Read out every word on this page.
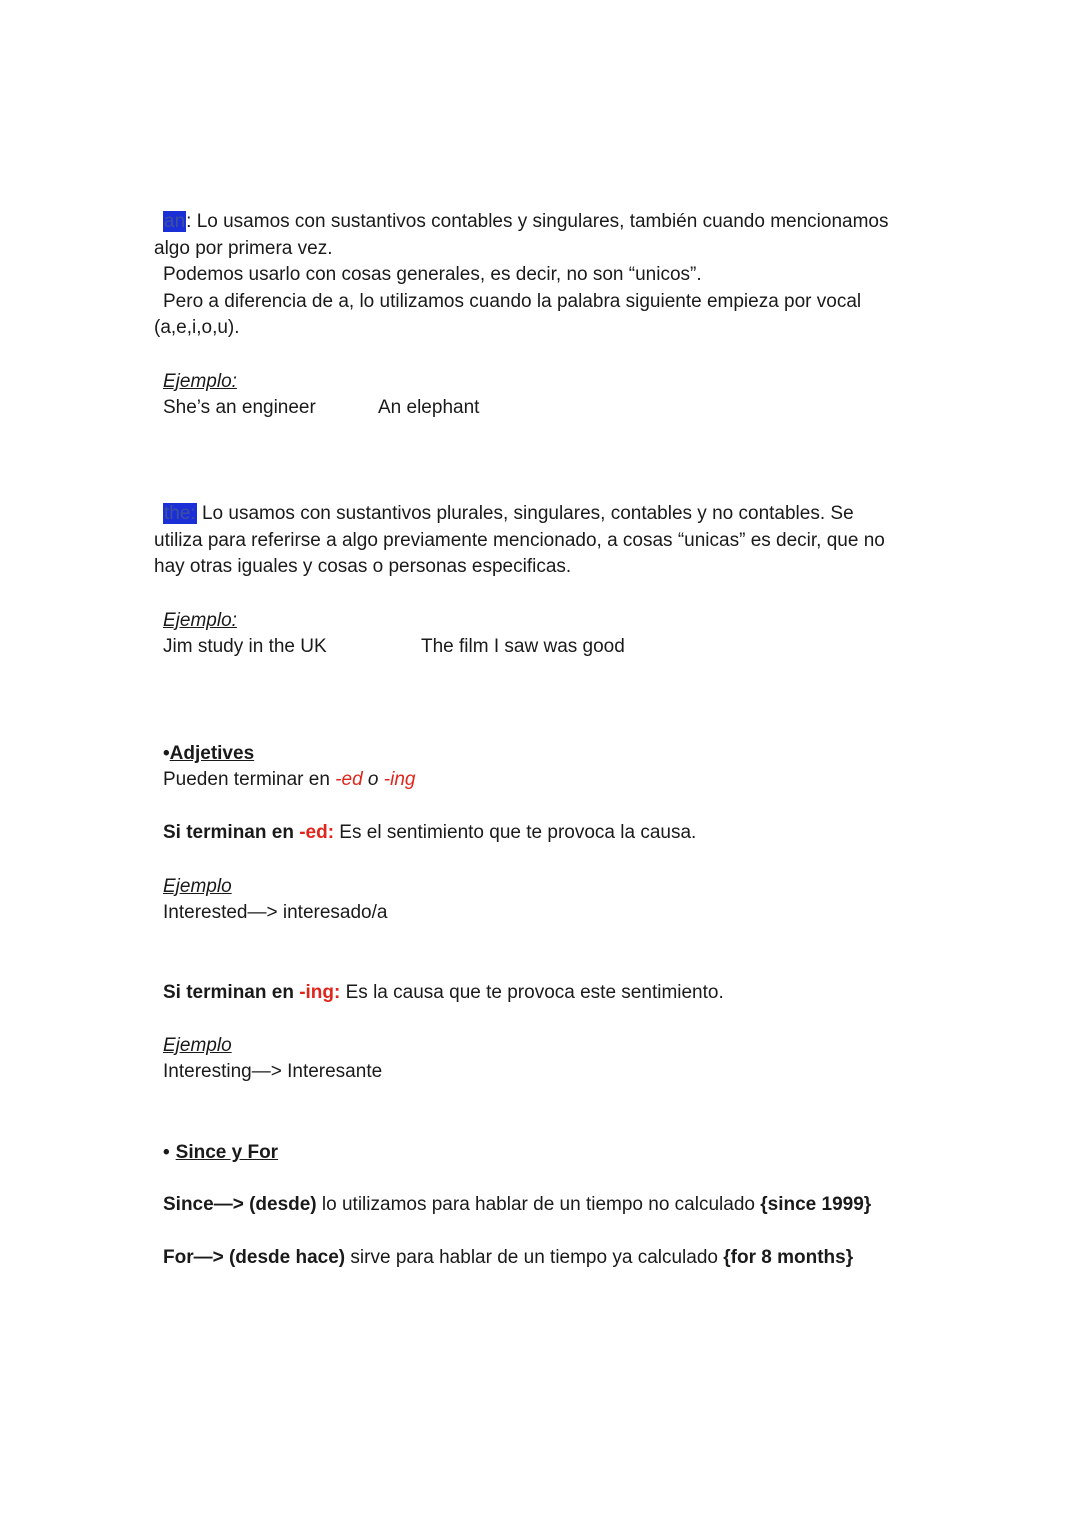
an: Lo usamos con sustantivos contables y singulares, también cuando mencionamos
algo por primera vez.
Podemos usarlo con cosas generales, es decir, no son “unicos”.
Pero a diferencia de a, lo utilizamos cuando la palabra siguiente empieza por vocal
(a,e,i,o,u).
Ejemplo:
She’s an engineer	An elephant
the: Lo usamos con sustantivos plurales, singulares, contables y no contables. Se
utiliza para referirse a algo previamente mencionado, a cosas “unicas” es decir, que no
hay otras iguales y cosas o personas especificas.
Ejemplo:
Jim study in the UK	The film I saw was good
•Adjetives
Pueden terminar en -ed o -ing
Si terminan en -ed: Es el sentimiento que te provoca la causa.
Ejemplo
Interested—> interesado/a
Si terminan en -ing: Es la causa que te provoca este sentimiento.
Ejemplo
Interesting—> Interesante
• Since y For
Since—> (desde) lo utilizamos para hablar de un tiempo no calculado {since 1999}
For—> (desde hace) sirve para hablar de un tiempo ya calculado {for 8 months}
